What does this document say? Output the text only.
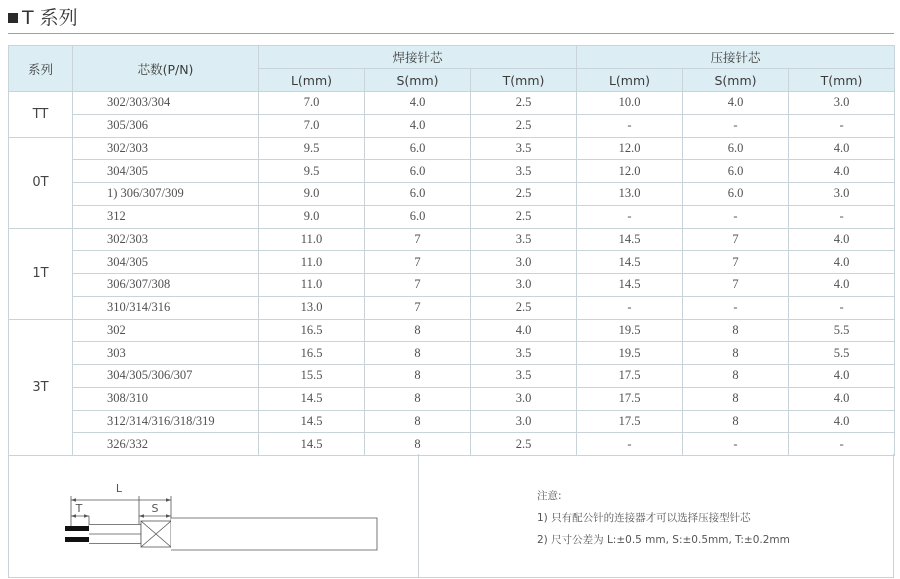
T 系列
系列	芯数(P/N)	焊接针芯			压接针芯		
		L(mm)	S(mm)	T(mm)	L(mm)	S(mm)	T(mm)
TT	302/303/304	7.0	4.0	2.5	10.0	4.0	3.0
	305/306	7.0	4.0	2.5	-	-	-
0T	302/303	9.5	6.0	3.5	12.0	6.0	4.0
	304/305	9.5	6.0	3.5	12.0	6.0	4.0
	1) 306/307/309	9.0	6.0	2.5	13.0	6.0	3.0
	312	9.0	6.0	2.5	-	-	-
1T	302/303	11.0	7	3.5	14.5	7	4.0
	304/305	11.0	7	3.0	14.5	7	4.0
	306/307/308	11.0	7	3.0	14.5	7	4.0
	310/314/316	13.0	7	2.5	-	-	-
3T	302	16.5	8	4.0	19.5	8	5.5
	303	16.5	8	3.5	19.5	8	5.5
	304/305/306/307	15.5	8	3.5	17.5	8	4.0
	308/310	14.5	8	3.0	17.5	8	4.0
	312/314/316/318/319	14.5	8	3.0	17.5	8	4.0
	326/332	14.5	8	2.5	-	-	-
L
T	S
注意:
1) 只有配公针的连接器才可以选择压接型针芯
2) 尺寸公差为 L:±0.5 mm, S:±0.5mm, T:±0.2mm
